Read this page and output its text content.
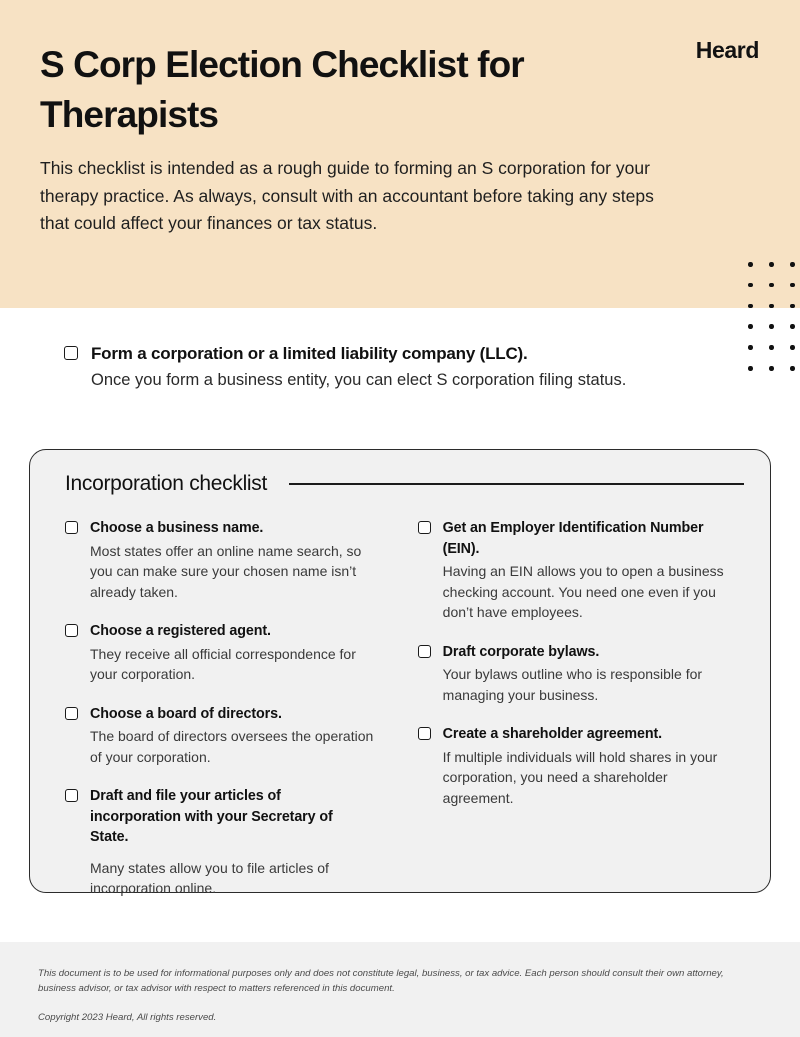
Heard
S Corp Election Checklist for Therapists

This checklist is intended as a rough guide to forming an S corporation for your therapy practice. As always, consult with an accountant before taking any steps that could affect your finances or tax status.

Form a corporation or a limited liability company (LLC).
Once you form a business entity, you can elect S corporation filing status.
Incorporation checklist
Choose a business name.
Most states offer an online name search, so you can make sure your chosen name isn’t already taken.
Choose a registered agent.
They receive all official correspondence for your corporation.
Choose a board of directors.
The board of directors oversees the operation of your corporation.
Draft and file your articles of incorporation with your Secretary of State.
Many states allow you to file articles of incorporation online.
Get an Employer Identification Number (EIN).
Having an EIN allows you to open a business checking account. You need one even if you don’t have employees.
Draft corporate bylaws.
Your bylaws outline who is responsible for managing your business.
Create a shareholder agreement.
If multiple individuals will hold shares in your corporation, you need a shareholder agreement.
This document is to be used for informational purposes only and does not constitute legal, business, or tax advice. Each person should consult their own attorney, business advisor, or tax advisor with respect to matters referenced in this document.
Copyright 2023 Heard, All rights reserved.
